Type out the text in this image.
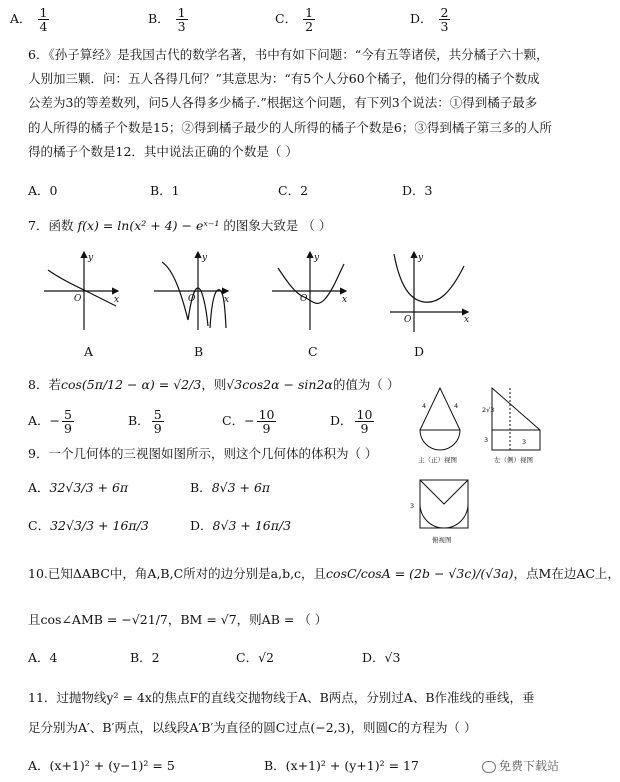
A． $\frac{1}{4}$	B． $\frac{1}{3}$	C． $\frac{1}{2}$	D． $\frac{2}{3}$
6．《孙子算经》是我国古代的数学名著，书中有如下问题：“今有五等诸侯，共分橘子六十颗，
人别加三颗．问：五人各得几何？”其意思为：“有5个人分60个橘子，他们分得的橘子个数成
公差为3的等差数列，问5人各得多少橘子.”根据这个问题，有下列3个说法：①得到橘子最多
的人所得的橘子个数是15；②得到橘子最少的人所得的橘子个数是6；③得到橘子第三多的人所
得的橘子个数是12．其中说法正确的个数是（ ）
A．0	B．1	C．2	D．3
7．函数 f(x) = ln(x² + 4) − eˣ⁻¹ 的图象大致是 （ ）
O	x
y
O	x
y
O	x
y
O	x
y
A	B	C	D
8．若cos(5π/12 − α) = √2/3，则√3cos2α − sin2α的值为（ ）
A．− $\frac{5}{9}$	B． $\frac{5}{9}$	C．− $\frac{10}{9}$	D． $\frac{10}{9}$
4	4	2√3
3	3
3
主（正）视图	左（侧）视图
俯视图
9．一个几何体的三视图如图所示，则这个几何体的体积为（ ）
A．32√3/3 + 6π	B．8√3 + 6π
C．32√3/3 + 16π/3	D．8√3 + 16π/3
10.已知ΔABC中，角A,B,C所对的边分别是a,b,c，且cosC/cosA = (2b − √3c)/(√3a)，点M在边AC上，
且cos∠AMB = −√21/7，BM = √7，则AB = （ ）
A．4	B．2	C．√2	D．√3
11．过抛物线y² = 4x的焦点F的直线交抛物线于A、B两点，分别过A、B作准线的垂线，垂
足分别为A′、B′两点，以线段A′B′为直径的圆C过点(−2,3)，则圆C的方程为（ ）
A．(x+1)² + (y−1)² = 5	B．(x+1)² + (y+1)² = 17	免费下载站
